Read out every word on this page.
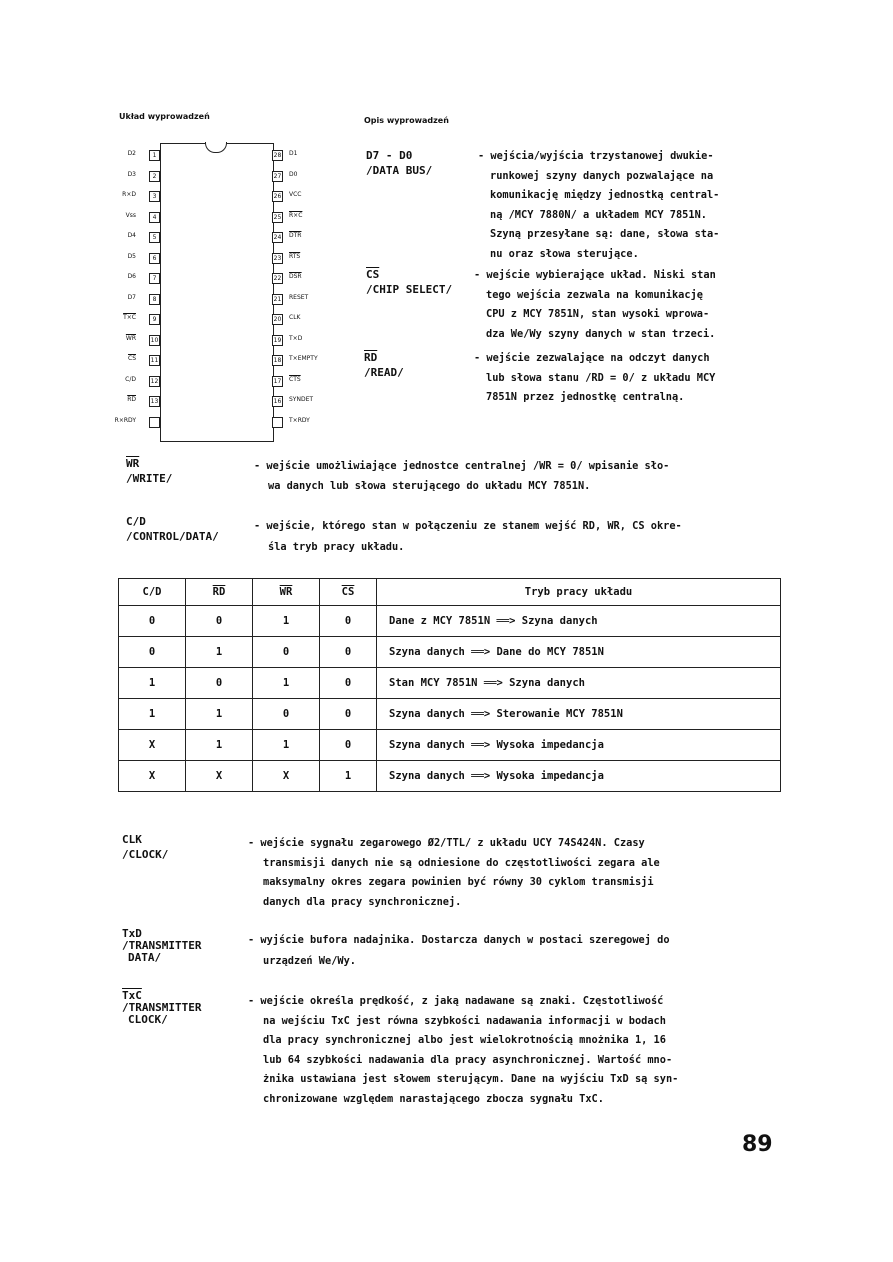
Układ wyprowadzeń	Opis wyprowadzeń
D2	1
D3	2
R×D	3
Vss	4
D4	5
D5	6
D6	7
D7	8
T×C	9
$\overline{WR}$ 10
$\overline{CS}$ 11
C/D 12
$\overline{RD}$ 13
R×RDY
28 D1
27 D0
26 VCC
25 R×C
24 $\overline{DTR}$
23 $\overline{RTS}$
22 $\overline{DSR}$
21 RESET
20 CLK
19 T×D
18 T×EMPTY
17 $\overline{CTS}$
16 SYNDET
T×RDY
D7 - D0
/DATA BUS/
- wejścia/wyjścia trzystanowej dwukie-
runkowej szyny danych pozwalające na
komunikację między jednostką central-
ną /MCY 7880N/ a układem MCY 7851N.
Szyną przesyłane są: dane, słowa sta-
nu oraz słowa sterujące.
$\overline{CS}$
/CHIP SELECT/
- wejście wybierające układ. Niski stan
tego wejścia zezwala na komunikację
CPU z MCY 7851N, stan wysoki wprowa-
dza We/Wy szyny danych w stan trzeci.
$\overline{RD}$
/READ/
- wejście zezwalające na odczyt danych
lub słowa stanu /RD = 0/ z układu MCY
7851N przez jednostkę centralną.
$\overline{WR}$
/WRITE/
- wejście umożliwiające jednostce centralnej /WR = 0/ wpisanie sło-
wa danych lub słowa sterującego do układu MCY 7851N.
C/D
/CONTROL/DATA/
- wejście, którego stan w połączeniu ze stanem wejść RD, WR, CS okre-
śla tryb pracy układu.
C/D	$\overline{RD}$	$\overline{WR}$	$\overline{CS}$	Tryb pracy układu
0	0	1	0	Dane z MCY 7851N ══> Szyna danych
0	1	0	0	Szyna danych ══> Dane do MCY 7851N
1	0	1	0	Stan MCY 7851N ══> Szyna danych
1	1	0	0	Szyna danych ══> Sterowanie MCY 7851N
X	1	1	0	Szyna danych ══> Wysoka impedancja
X	X	X	1	Szyna danych ══> Wysoka impedancja
CLK
/CLOCK/
- wejście sygnału zegarowego Ø2/TTL/ z układu UCY 74S424N. Czasy
transmisji danych nie są odniesione do częstotliwości zegara ale
maksymalny okres zegara powinien być równy 30 cyklom transmisji
danych dla pracy synchronicznej.
TxD
/TRANSMITTER
DATA/
- wyjście bufora nadajnika. Dostarcza danych w postaci szeregowej do
urządzeń We/Wy.
$\overline{TxC}$
/TRANSMITTER
CLOCK/
- wejście określa prędkość, z jaką nadawane są znaki. Częstotliwość
na wejściu TxC jest równa szybkości nadawania informacji w bodach
dla pracy synchronicznej albo jest wielokrotnością mnożnika 1, 16
lub 64 szybkości nadawania dla pracy asynchronicznej. Wartość mno-
żnika ustawiana jest słowem sterującym. Dane na wyjściu TxD są syn-
chronizowane względem narastającego zbocza sygnału TxC.
89
